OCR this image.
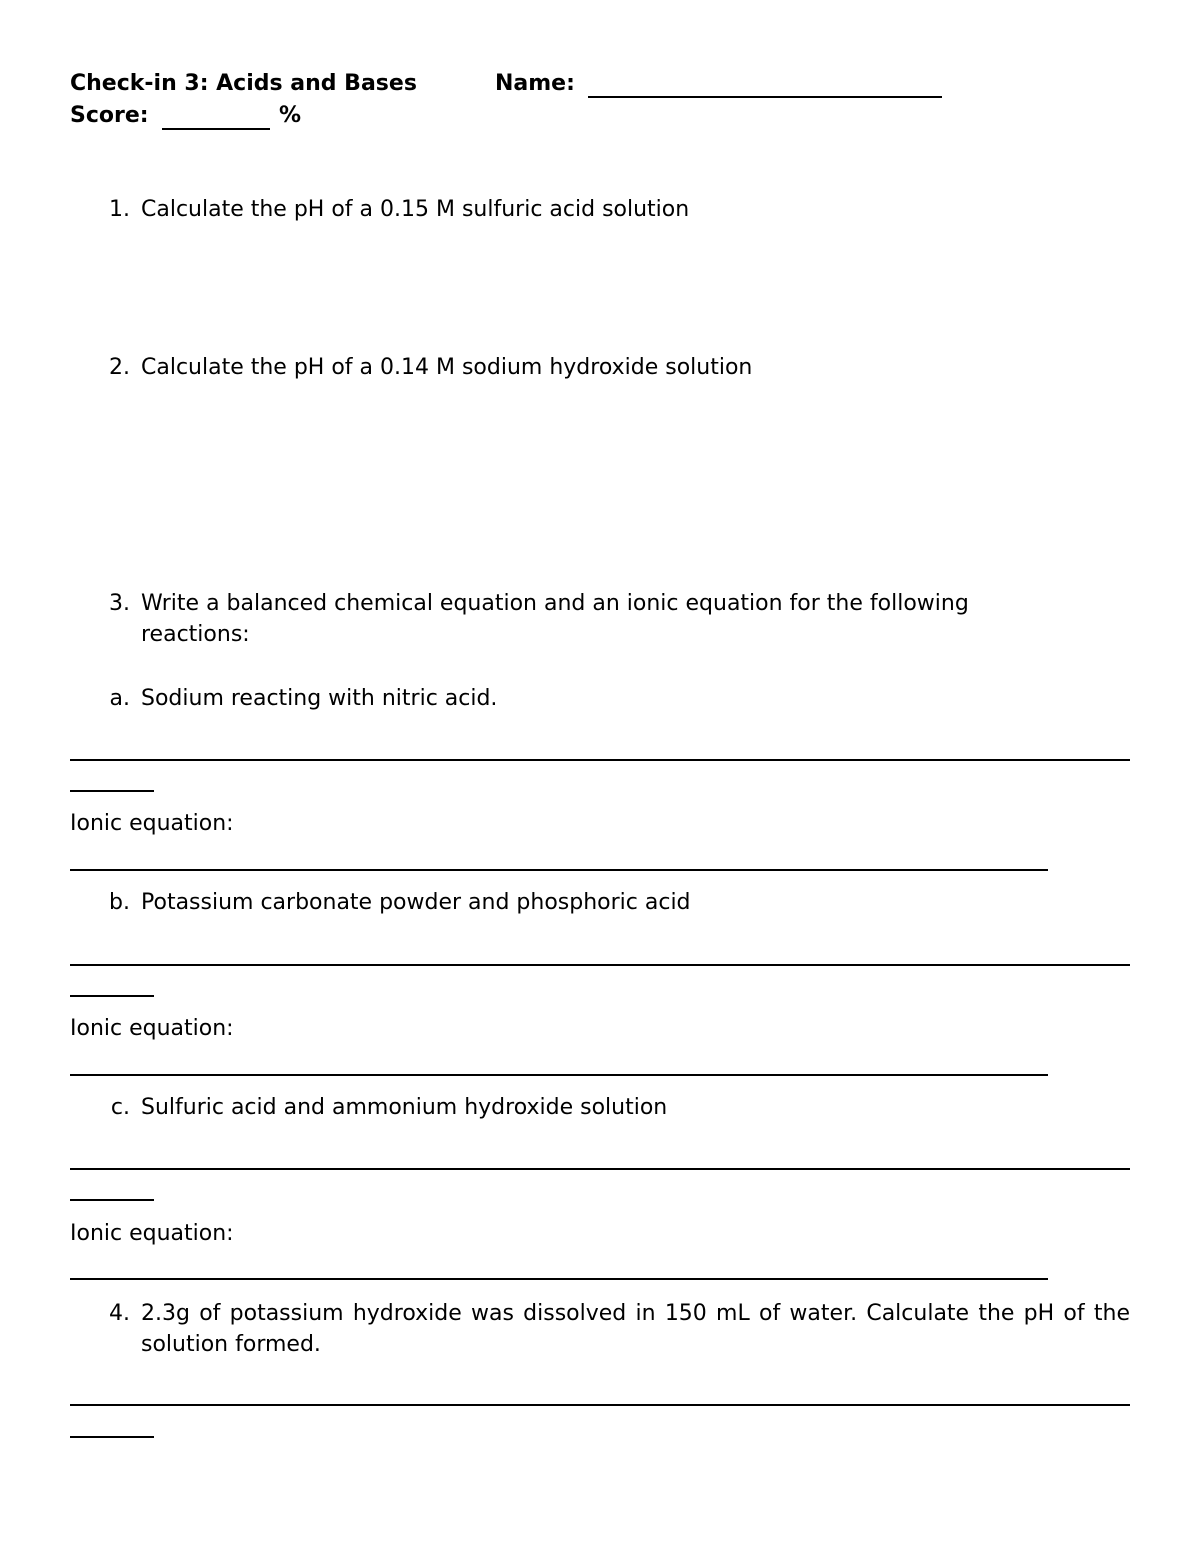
Check-in 3: Acids and Bases	Name:
Score:	%
1. Calculate the pH of a 0.15 M sulfuric acid solution
2. Calculate the pH of a 0.14 M sodium hydroxide solution
3. Write a balanced chemical equation and an ionic equation for the following reactions:
a. Sodium reacting with nitric acid.
Ionic equation:
b. Potassium carbonate powder and phosphoric acid
Ionic equation:
c. Sulfuric acid and ammonium hydroxide solution
Ionic equation:
4. 2.3g of potassium hydroxide was dissolved in 150 mL of water. Calculate the pH of the solution formed.
